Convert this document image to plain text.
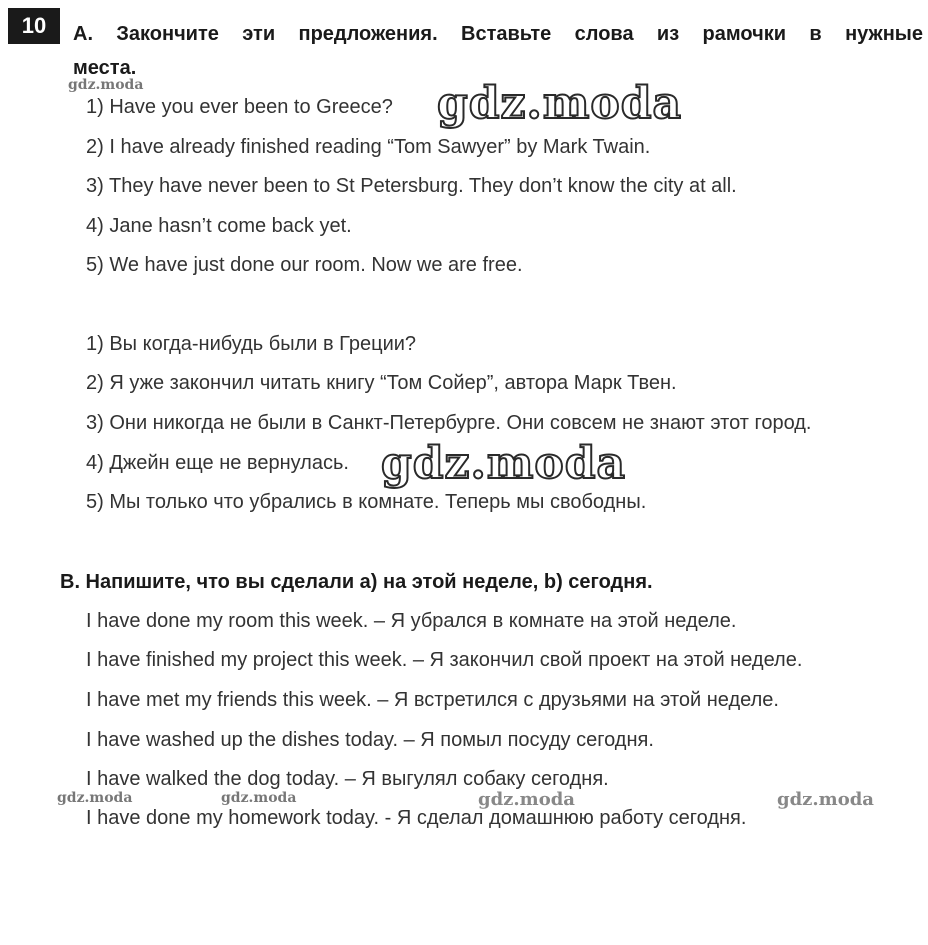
10	А. Закончите эти предложения. Вставьте слова из рамочки в нужные
места.
1) Have you ever been to Greece?
2) I have already finished reading “Tom Sawyer” by Mark Twain.
3) They have never been to St Petersburg. They don’t know the city at all.
4) Jane hasn’t come back yet.
5) We have just done our room. Now we are free.
1) Вы когда-нибудь были в Греции?
2) Я уже закончил читать книгу “Том Сойер”, автора Марк Твен.
3) Они никогда не были в Санкт-Петербурге. Они совсем не знают этот город.
4) Джейн еще не вернулась.
5) Мы только что убрались в комнате. Теперь мы свободны.
B. Напишите, что вы сделали a) на этой неделе, b) сегодня.
I have done my room this week. – Я убрался в комнате на этой неделе.
I have finished my project this week. – Я закончил свой проект на этой неделе.
I have met my friends this week. – Я встретился с друзьями на этой неделе.
I have washed up the dishes today. – Я помыл посуду сегодня.
I have walked the dog today. – Я выгулял собаку сегодня.
I have done my homework today. - Я сделал домашнюю работу сегодня.
gdz.moda	gdz.moda
gdz.moda
gdz.moda	gdz.moda	gdz.moda	gdz.moda
